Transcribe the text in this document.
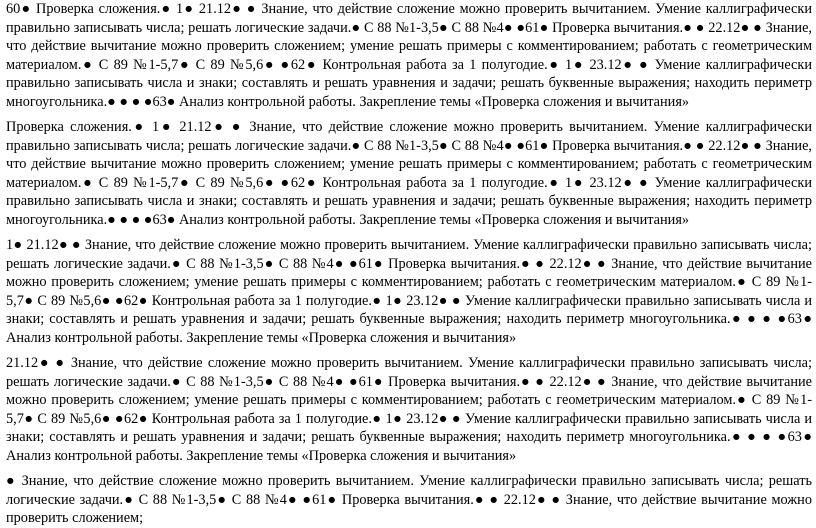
60● Проверка сложения.● 1● 21.12● ● Знание, что действие сложение можно проверить вычитанием. Умение каллиграфически правильно записывать числа; решать логические задачи.● С 88 №1-3,5● С 88 №4● ●61● Проверка вычитания.● ● 22.12● ● Знание, что действие вычитание можно проверить сложением; умение решать примеры с комментированием; работать с геометрическим материалом.● С 89 №1-5,7● С 89 №5,6● ●62● Контрольная работа за 1 полугодие.● 1● 23.12● ● Умение каллиграфически правильно записывать числа и знаки; составлять и решать уравнения и задачи; решать буквенные выражения; находить периметр многоугольника.● ● ● ●63● Анализ контрольной работы. Закрепление темы «Проверка сложения и вычитания»

Проверка сложения.● 1● 21.12● ● Знание, что действие сложение можно проверить вычитанием. Умение каллиграфически правильно записывать числа; решать логические задачи.● С 88 №1-3,5● С 88 №4● ●61● Проверка вычитания.● ● 22.12● ● Знание, что действие вычитание можно проверить сложением; умение решать примеры с комментированием; работать с геометрическим материалом.● С 89 №1-5,7● С 89 №5,6● ●62● Контрольная работа за 1 полугодие.● 1● 23.12● ● Умение каллиграфически правильно записывать числа и знаки; составлять и решать уравнения и задачи; решать буквенные выражения; находить периметр многоугольника.● ● ● ●63● Анализ контрольной работы. Закрепление темы «Проверка сложения и вычитания»

1● 21.12● ● Знание, что действие сложение можно проверить вычитанием. Умение каллиграфически правильно записывать числа; решать логические задачи.● С 88 №1-3,5● С 88 №4● ●61● Проверка вычитания.● ● 22.12● ● Знание, что действие вычитание можно проверить сложением; умение решать примеры с комментированием; работать с геометрическим материалом.● С 89 №1-5,7● С 89 №5,6● ●62● Контрольная работа за 1 полугодие.● 1● 23.12● ● Умение каллиграфически правильно записывать числа и знаки; составлять и решать уравнения и задачи; решать буквенные выражения; находить периметр многоугольника.● ● ● ●63● Анализ контрольной работы. Закрепление темы «Проверка сложения и вычитания»

21.12● ● Знание, что действие сложение можно проверить вычитанием. Умение каллиграфически правильно записывать числа; решать логические задачи.● С 88 №1-3,5● С 88 №4● ●61● Проверка вычитания.● ● 22.12● ● Знание, что действие вычитание можно проверить сложением; умение решать примеры с комментированием; работать с геометрическим материалом.● С 89 №1-5,7● С 89 №5,6● ●62● Контрольная работа за 1 полугодие.● 1● 23.12● ● Умение каллиграфически правильно записывать числа и знаки; составлять и решать уравнения и задачи; решать буквенные выражения; находить периметр многоугольника.● ● ● ●63● Анализ контрольной работы. Закрепление темы «Проверка сложения и вычитания»

● Знание, что действие сложение можно проверить вычитанием. Умение каллиграфически правильно записывать числа; решать логические задачи.● С 88 №1-3,5● С 88 №4● ●61● Проверка вычитания.● ● 22.12● ● Знание, что действие вычитание можно проверить сложением;
